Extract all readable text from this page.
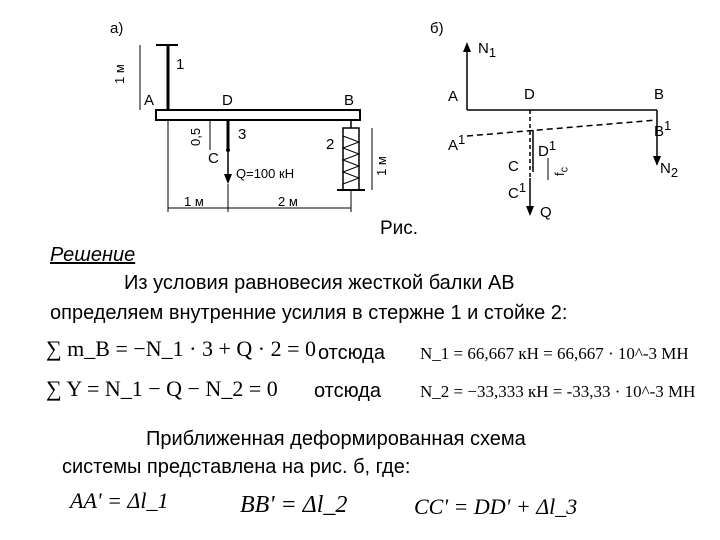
а)
1
1 м
A	D	B
0,5 3
2
1 м
C
Q=100 кН
1 м	2 м
б)
$N_1$
A	D	B
$A^1$	$B^1$
$D^1$
C
$C^1$
$f_c$	$N_2$
Q
Рис.
Решение
Из условия равновесия жесткой балки АВ
определяем внутренние усилия в стержне 1 и стойке 2:
∑ m_B = −N_1 · 3 + Q · 2 = 0 отсюда N_1 = 66,667 кН = 66,667 · 10^-3 МН
∑ Y = N_1 − Q − N_2 = 0 отсюда N_2 = −33,333 кН = -33,33 · 10^-3 МН
Приближенная деформированная схема
системы представлена на рис. б, где:
AA' = Δl_1	BB' = Δl_2	CC' = DD' + Δl_3
